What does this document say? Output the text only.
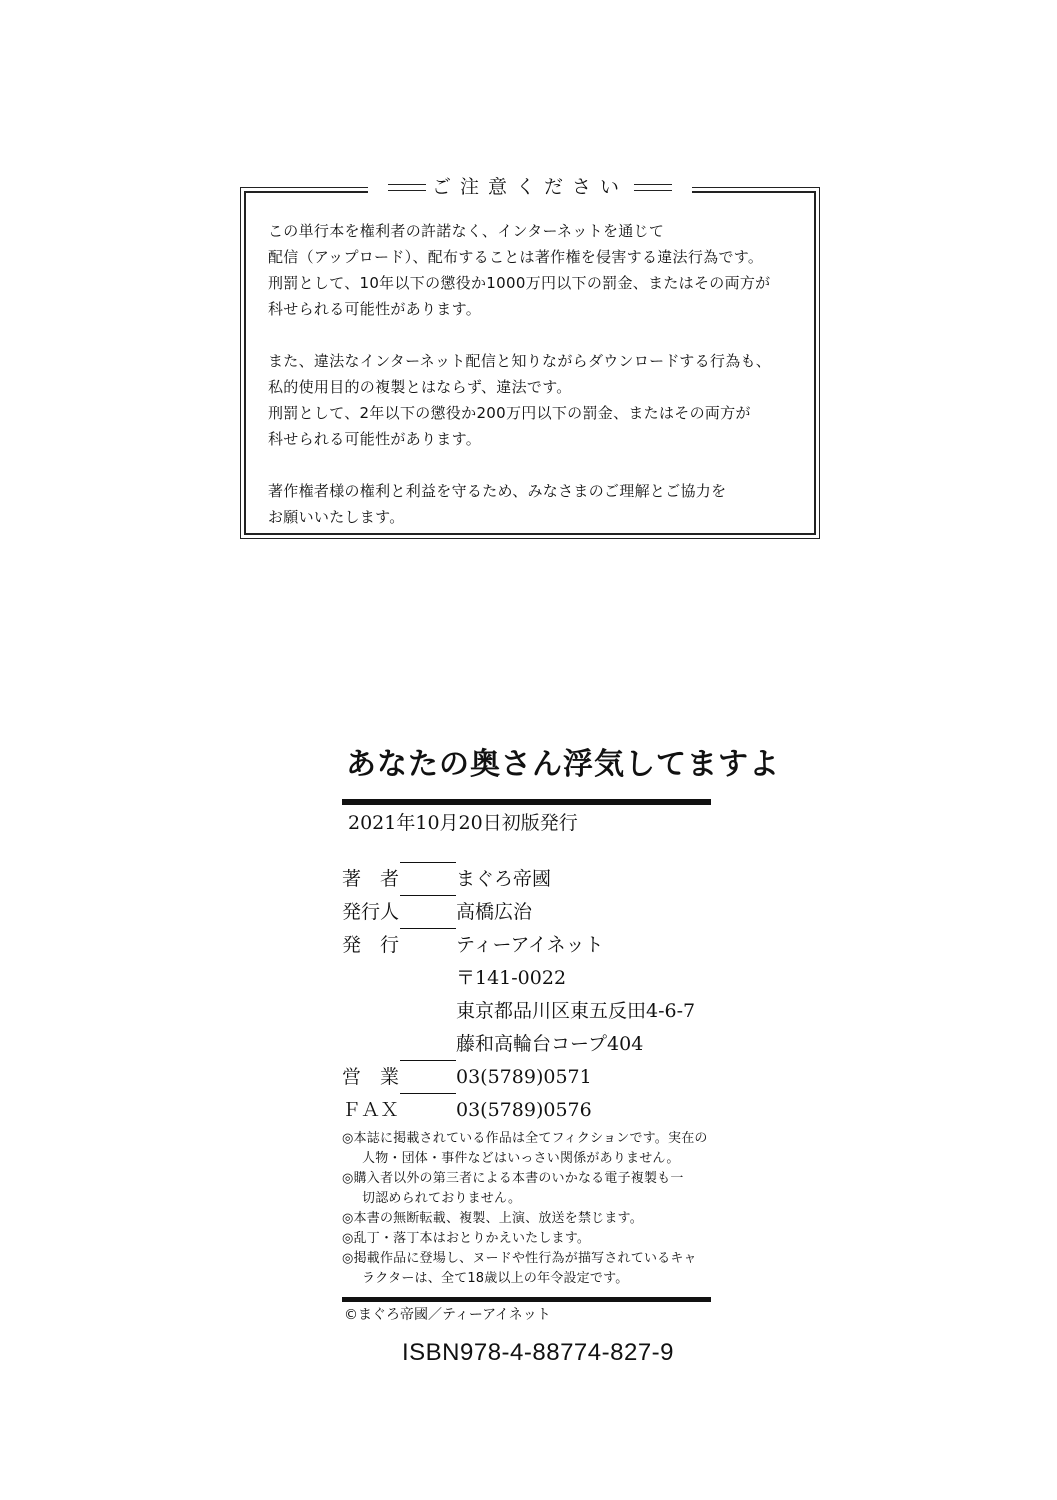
ご注意ください

この単行本を権利者の許諾なく、インターネットを通じて
配信（アップロード）、配布することは著作権を侵害する違法行為です。
刑罰として、10年以下の懲役か1000万円以下の罰金、またはその両方が
科せられる可能性があります。

また、違法なインターネット配信と知りながらダウンロードする行為も、
私的使用目的の複製とはならず、違法です。
刑罰として、2年以下の懲役か200万円以下の罰金、またはその両方が
科せられる可能性があります。

著作権者様の権利と利益を守るため、みなさまのご理解とご協力を
お願いいたします。

あなたの奥さん浮気してますよ
2021年10月20日初版発行
著　者	まぐろ帝國
発行人	高橋広治
発　行	ティーアイネット
〒141-0022
東京都品川区東五反田4-6-7
藤和高輪台コープ404
営　業	03(5789)0571
ＦＡＸ	03(5789)0576
◎本誌に掲載されている作品は全てフィクションです。実在の
人物・団体・事件などはいっさい関係がありません。
◎購入者以外の第三者による本書のいかなる電子複製も一
切認められておりません。
◎本書の無断転載、複製、上演、放送を禁じます。
◎乱丁・落丁本はおとりかえいたします。
◎掲載作品に登場し、ヌードや性行為が描写されているキャ
ラクターは、全て18歳以上の年令設定です。
©まぐろ帝國／ティーアイネット
ISBN978-4-88774-827-9
